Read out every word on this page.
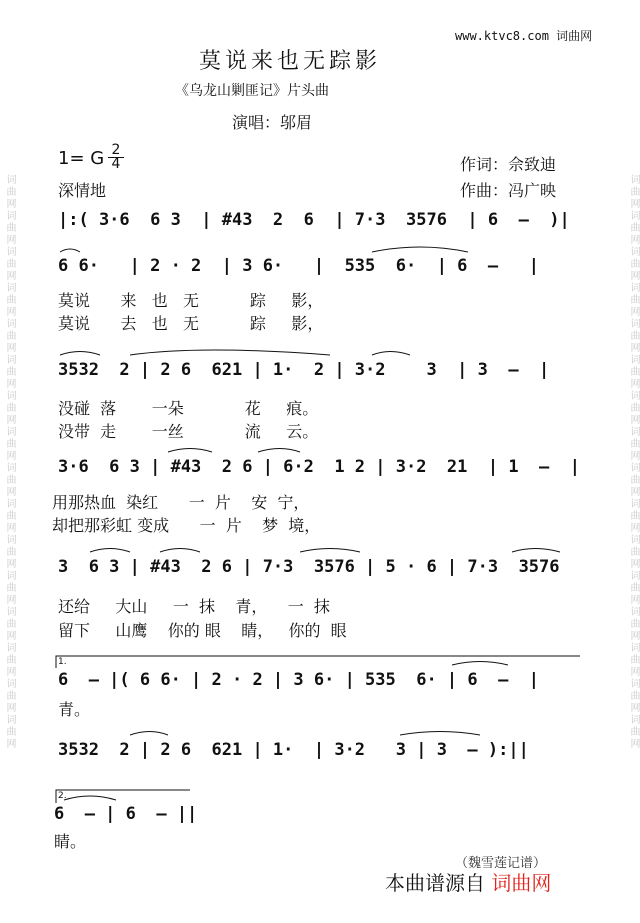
词曲网词曲网词曲网词曲网词曲网词曲网词曲网词曲网词曲网词曲网词曲网词曲网词曲网词曲网词曲网词曲网	词曲网词曲网词曲网词曲网词曲网词曲网词曲网词曲网词曲网词曲网词曲网词曲网词曲网词曲网词曲网词曲网
www.ktvc8.com 词曲网
莫说来也无踪影
《乌龙山剿匪记》片头曲
演唱：邬眉
1= G 2
4
深情地
作词：佘致迪
作曲：冯广映
|:( 3·6  6 3  | #43  2  6  | 7·3  3576  | 6  –  )|
6 6·   | 2 · 2  | 3 6·   |  535  6·  | 6  –   |
莫说      来   也   无          踪     影，
莫说      去   也   无          踪     影，
3532  2 | 2 6  621 | 1·  2 | 3·2    3  | 3  –  |
没碰  落       一朵            花     痕。
没带  走       一丝            流     云。
3·6  6 3 | #43  2 6 | 6·2  1 2 | 3·2  21  | 1  –  |
用那热血  染红      一  片    安  宁，
却把那彩虹 变成      一  片    梦  境，
3  6 3 | #43  2 6 | 7·3  3576 | 5 · 6 | 7·3  3576
还给     大山     一  抹    青，    一  抹
留下     山鹰    你的 眼    睛，   你的  眼
1.
6  – |( 6 6· | 2 · 2 | 3 6· | 535  6· | 6  –  |
青。
3532  2 | 2 6  621 | 1·  | 3·2   3 | 3  – ):||
2.
6  – | 6  – ||
睛。
（魏雪莲记谱）
本曲谱源自 词曲网
